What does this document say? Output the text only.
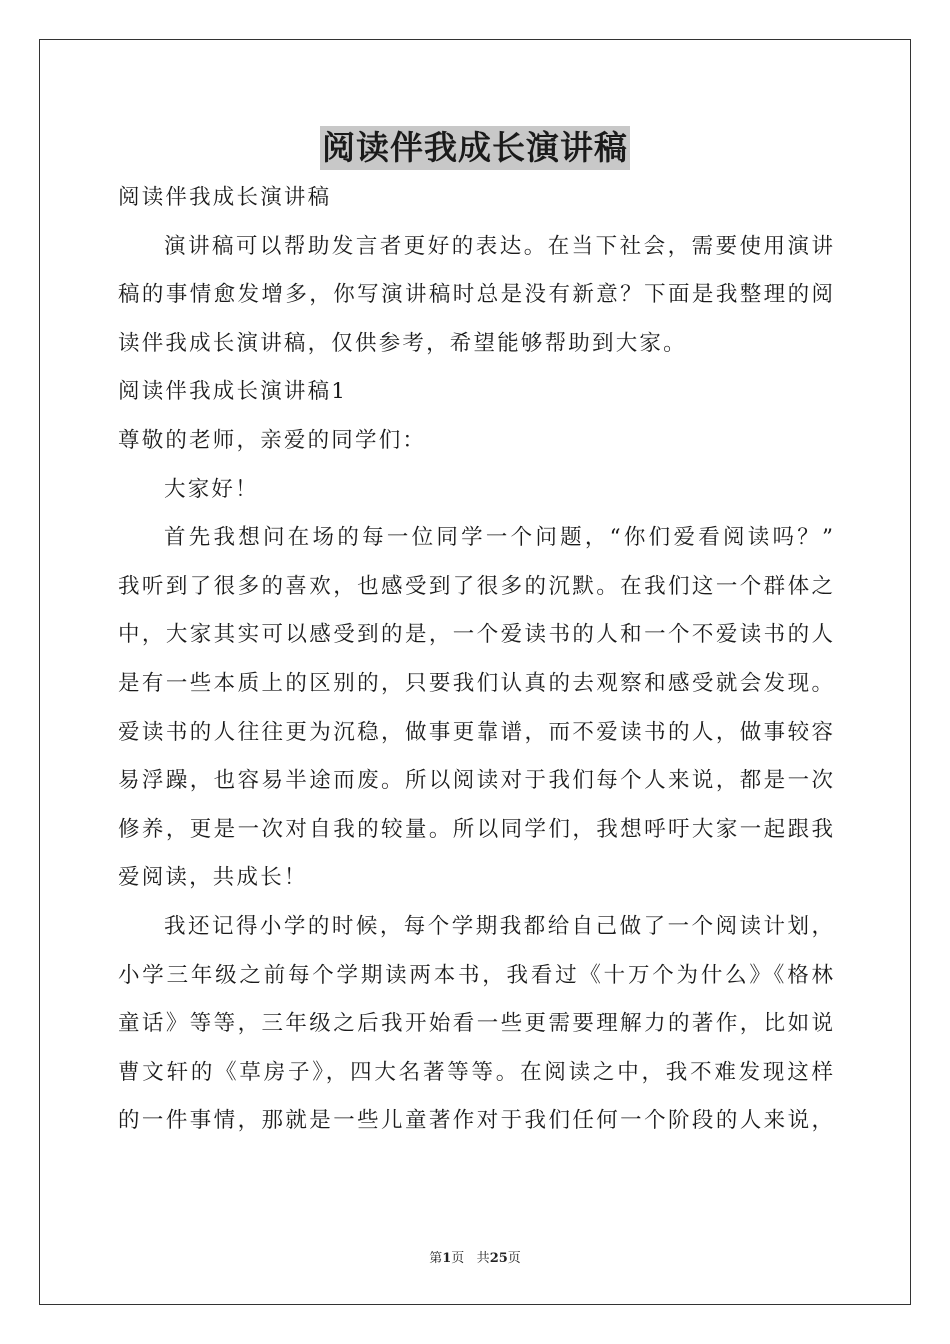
阅读伴我成长演讲稿
阅读伴我成长演讲稿
演讲稿可以帮助发言者更好的表达。在当下社会，需要使用演讲
稿的事情愈发增多，你写演讲稿时总是没有新意？下面是我整理的阅
读伴我成长演讲稿，仅供参考，希望能够帮助到大家。
阅读伴我成长演讲稿1
尊敬的老师，亲爱的同学们：
大家好！
首先我想问在场的每一位同学一个问题，“你们爱看阅读吗？”
我听到了很多的喜欢，也感受到了很多的沉默。在我们这一个群体之
中，大家其实可以感受到的是，一个爱读书的人和一个不爱读书的人
是有一些本质上的区别的，只要我们认真的去观察和感受就会发现。
爱读书的人往往更为沉稳，做事更靠谱，而不爱读书的人，做事较容
易浮躁，也容易半途而废。所以阅读对于我们每个人来说，都是一次
修养，更是一次对自我的较量。所以同学们，我想呼吁大家一起跟我
爱阅读，共成长！
我还记得小学的时候，每个学期我都给自己做了一个阅读计划，
小学三年级之前每个学期读两本书，我看过《十万个为什么》《格林
童话》等等，三年级之后我开始看一些更需要理解力的著作，比如说
曹文轩的《草房子》，四大名著等等。在阅读之中，我不难发现这样
的一件事情，那就是一些儿童著作对于我们任何一个阶段的人来说，
第1页 共25页
